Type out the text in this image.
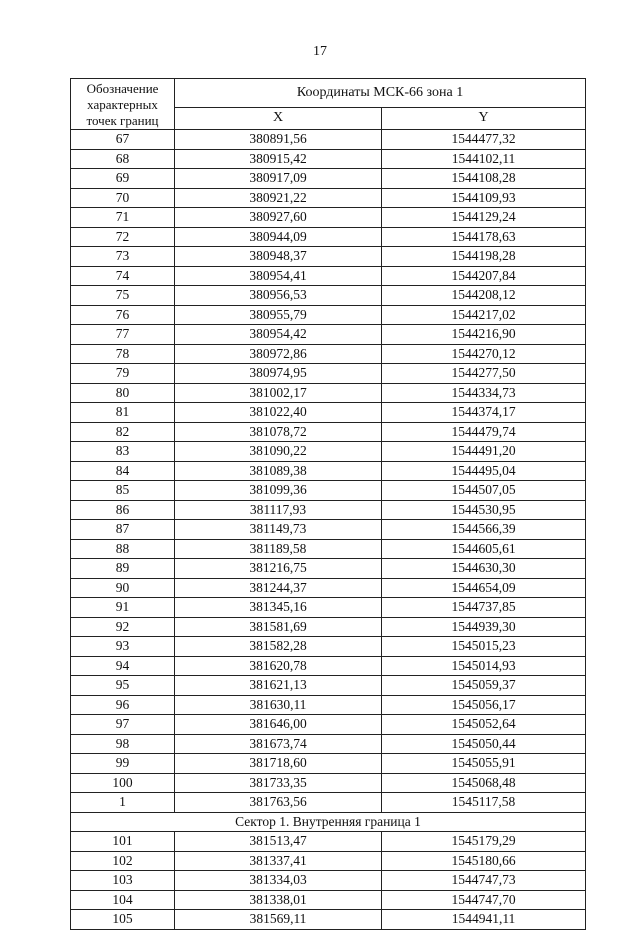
17
Обозначение характерных точек границ	Координаты МСК-66 зона 1	
	X	Y
67	380891,56	1544477,32
68	380915,42	1544102,11
69	380917,09	1544108,28
70	380921,22	1544109,93
71	380927,60	1544129,24
72	380944,09	1544178,63
73	380948,37	1544198,28
74	380954,41	1544207,84
75	380956,53	1544208,12
76	380955,79	1544217,02
77	380954,42	1544216,90
78	380972,86	1544270,12
79	380974,95	1544277,50
80	381002,17	1544334,73
81	381022,40	1544374,17
82	381078,72	1544479,74
83	381090,22	1544491,20
84	381089,38	1544495,04
85	381099,36	1544507,05
86	381117,93	1544530,95
87	381149,73	1544566,39
88	381189,58	1544605,61
89	381216,75	1544630,30
90	381244,37	1544654,09
91	381345,16	1544737,85
92	381581,69	1544939,30
93	381582,28	1545015,23
94	381620,78	1545014,93
95	381621,13	1545059,37
96	381630,11	1545056,17
97	381646,00	1545052,64
98	381673,74	1545050,44
99	381718,60	1545055,91
100	381733,35	1545068,48
1	381763,56	1545117,58
Сектор 1. Внутренняя граница 1		
101	381513,47	1545179,29
102	381337,41	1545180,66
103	381334,03	1544747,73
104	381338,01	1544747,70
105	381569,11	1544941,11
